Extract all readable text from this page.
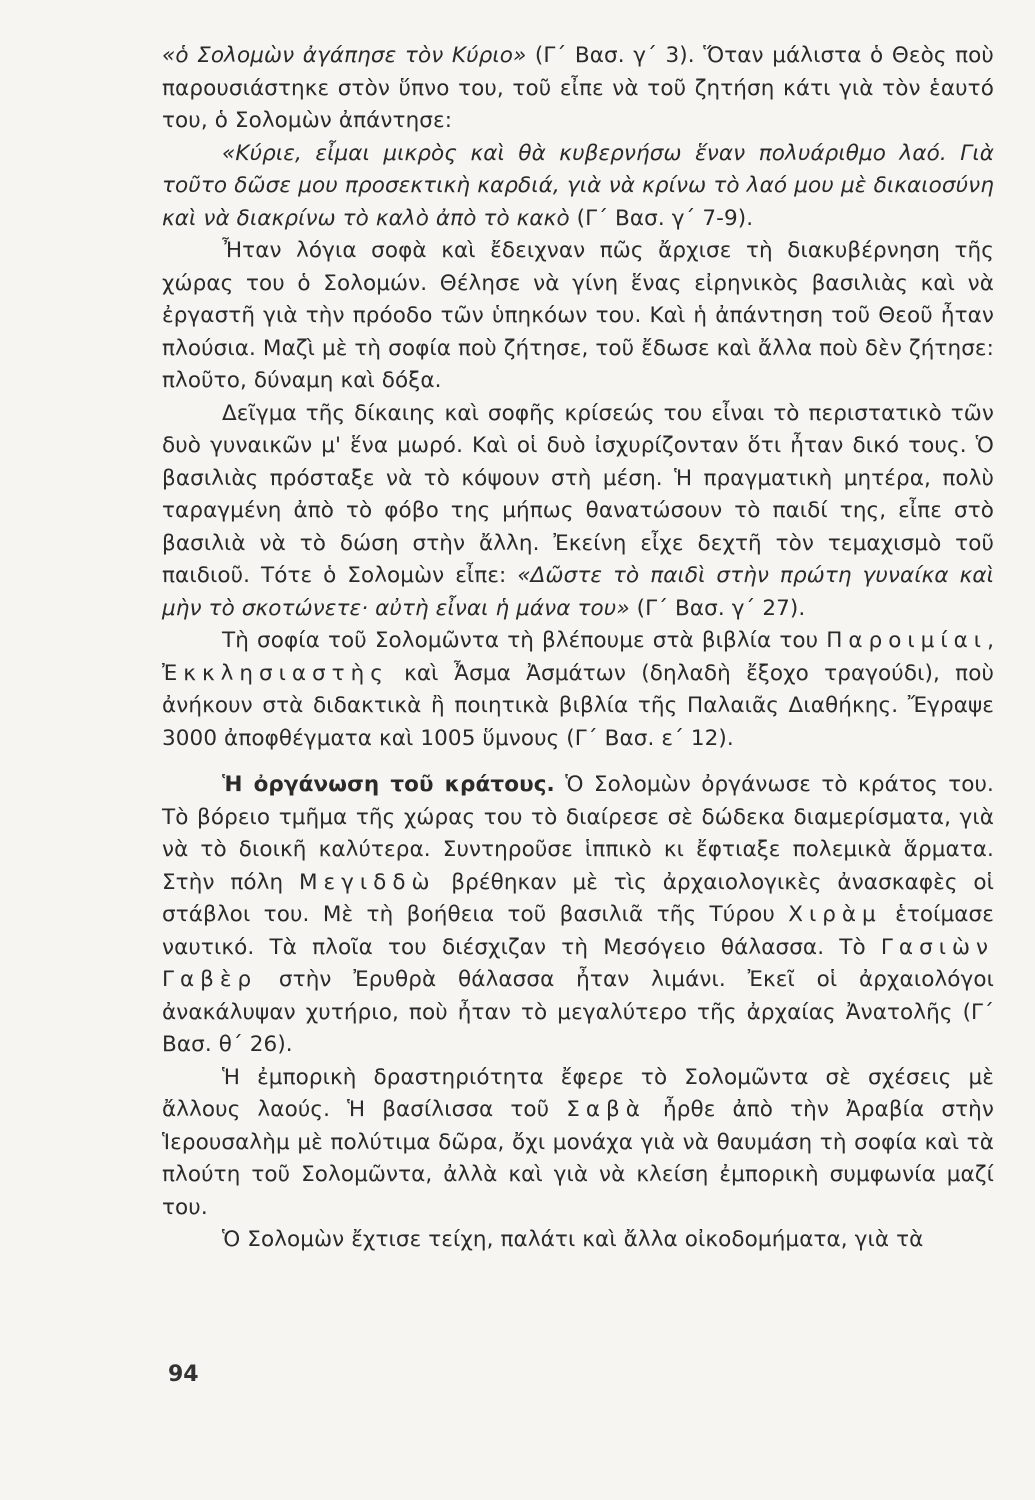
«ὁ Σολομὼν ἀγάπησε τὸν Κύριο» (Γ΄ Βασ. γ΄ 3). Ὅταν μάλιστα ὁ Θεὸς ποὺ παρουσιάστηκε στὸν ὕπνο του, τοῦ εἶπε νὰ τοῦ ζητήση κάτι γιὰ τὸν ἑαυτό του, ὁ Σολομὼν ἀπάντησε:

«Κύριε, εἶμαι μικρὸς καὶ θὰ κυβερνήσω ἕναν πολυάριθμο λαό. Γιὰ τοῦτο δῶσε μου προσεκτικὴ καρδιά, γιὰ νὰ κρίνω τὸ λαό μου μὲ δικαιοσύνη καὶ νὰ διακρίνω τὸ καλὸ ἀπὸ τὸ κακὸ (Γ΄ Βασ. γ΄ 7-9).

Ἦταν λόγια σοφὰ καὶ ἔδειχναν πῶς ἄρχισε τὴ διακυβέρνηση τῆς χώρας του ὁ Σολομών. Θέλησε νὰ γίνη ἕνας εἰρηνικὸς βασιλιὰς καὶ νὰ ἐργαστῆ γιὰ τὴν πρόοδο τῶν ὑπηκόων του. Καὶ ἡ ἀπάντηση τοῦ Θεοῦ ἦταν πλούσια. Μαζὶ μὲ τὴ σοφία ποὺ ζήτησε, τοῦ ἔδωσε καὶ ἄλλα ποὺ δὲν ζήτησε: πλοῦτο, δύναμη καὶ δόξα.

Δεῖγμα τῆς δίκαιης καὶ σοφῆς κρίσεώς του εἶναι τὸ περιστατικὸ τῶν δυὸ γυναικῶν μ' ἕνα μωρό. Καὶ οἱ δυὸ ἰσχυρίζονταν ὅτι ἦταν δικό τους. Ὁ βασιλιὰς πρόσταξε νὰ τὸ κόψουν στὴ μέση. Ἡ πραγματικὴ μητέρα, πολὺ ταραγμένη ἀπὸ τὸ φόβο της μήπως θανατώσουν τὸ παιδί της, εἶπε στὸ βασιλιὰ νὰ τὸ δώση στὴν ἄλλη. Ἐκείνη εἶχε δεχτῆ τὸν τεμαχισμὸ τοῦ παιδιοῦ. Τότε ὁ Σολομὼν εἶπε: «Δῶστε τὸ παιδὶ στὴν πρώτη γυναίκα καὶ μὴν τὸ σκοτώνετε· αὐτὴ εἶναι ἡ μάνα του» (Γ΄ Βασ. γ΄ 27).

Τὴ σοφία τοῦ Σολομῶντα τὴ βλέπουμε στὰ βιβλία του Παροιμίαι, Ἐκκλησιαστὴς καὶ Ἆσμα Ἀσμάτων (δηλαδὴ ἔξοχο τραγούδι), ποὺ ἀνήκουν στὰ διδακτικὰ ἢ ποιητικὰ βιβλία τῆς Παλαιᾶς Διαθήκης. Ἔγραψε 3000 ἀποφθέγματα καὶ 1005 ὕμνους (Γ΄ Βασ. ε΄ 12).

Ἡ ὀργάνωση τοῦ κράτους. Ὁ Σολομὼν ὀργάνωσε τὸ κράτος του. Τὸ βόρειο τμῆμα τῆς χώρας του τὸ διαίρεσε σὲ δώδεκα διαμερίσματα, γιὰ νὰ τὸ διοικῆ καλύτερα. Συντηροῦσε ἱππικὸ κι ἔφτιαξε πολεμικὰ ἅρματα. Στὴν πόλη Μεγιδδὼ βρέθηκαν μὲ τὶς ἀρχαιολογικὲς ἀνασκαφὲς οἱ στάβλοι του. Μὲ τὴ βοήθεια τοῦ βασιλιᾶ τῆς Τύρου Χιρὰμ ἑτοίμασε ναυτικό. Τὰ πλοῖα του διέσχιζαν τὴ Μεσόγειο θάλασσα. Τὸ Γασιὼν Γαβὲρ στὴν Ἐρυθρὰ θάλασσα ἦταν λιμάνι. Ἐκεῖ οἱ ἀρχαιολόγοι ἀνακάλυψαν χυτήριο, ποὺ ἦταν τὸ μεγαλύτερο τῆς ἀρχαίας Ἀνατολῆς (Γ΄ Βασ. θ΄ 26).

Ἡ ἐμπορικὴ δραστηριότητα ἔφερε τὸ Σολομῶντα σὲ σχέσεις μὲ ἄλλους λαούς. Ἡ βασίλισσα τοῦ Σαβὰ ἦρθε ἀπὸ τὴν Ἀραβία στὴν Ἱερουσαλὴμ μὲ πολύτιμα δῶρα, ὄχι μονάχα γιὰ νὰ θαυμάση τὴ σοφία καὶ τὰ πλούτη τοῦ Σολομῶντα, ἀλλὰ καὶ γιὰ νὰ κλείση ἐμπορικὴ συμφωνία μαζί του.

Ὁ Σολομὼν ἔχτισε τείχη, παλάτι καὶ ἄλλα οἰκοδομήματα, γιὰ τὰ

94
